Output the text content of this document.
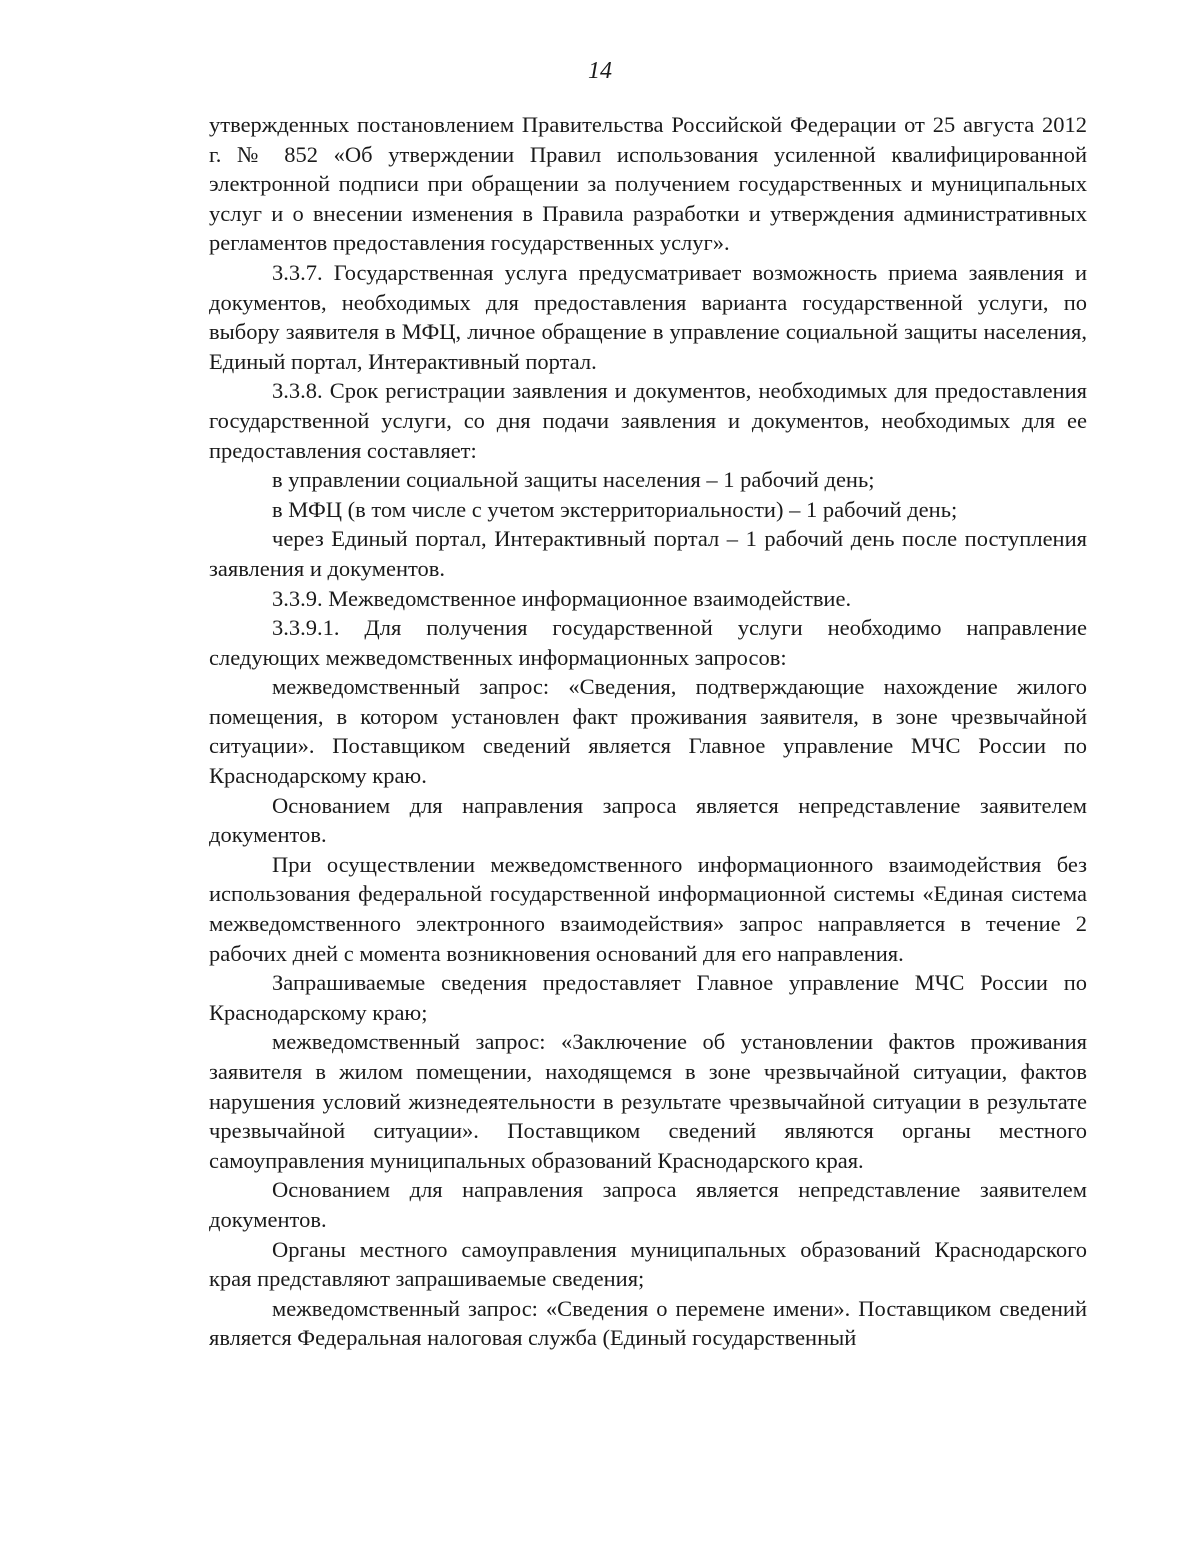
14

утвержденных постановлением Правительства Российской Федерации от 25 августа 2012 г. № 852 «Об утверждении Правил использования усиленной квалифицированной электронной подписи при обращении за получением государственных и муниципальных услуг и о внесении изменения в Правила разработки и утверждения административных регламентов предоставления государственных услуг».

3.3.7. Государственная услуга предусматривает возможность приема заявления и документов, необходимых для предоставления варианта государственной услуги, по выбору заявителя в МФЦ, личное обращение в управление социальной защиты населения, Единый портал, Интерактивный портал.

3.3.8. Срок регистрации заявления и документов, необходимых для предоставления государственной услуги, со дня подачи заявления и документов, необходимых для ее предоставления составляет:

в управлении социальной защиты населения – 1 рабочий день;

в МФЦ (в том числе с учетом экстерриториальности) – 1 рабочий день;

через Единый портал, Интерактивный портал – 1 рабочий день после поступления заявления и документов.

3.3.9. Межведомственное информационное взаимодействие.

3.3.9.1. Для получения государственной услуги необходимо направление следующих межведомственных информационных запросов:

межведомственный запрос: «Сведения, подтверждающие нахождение жилого помещения, в котором установлен факт проживания заявителя, в зоне чрезвычайной ситуации». Поставщиком сведений является Главное управление МЧС России по Краснодарскому краю.

Основанием для направления запроса является непредставление заявителем документов.

При осуществлении межведомственного информационного взаимодействия без использования федеральной государственной информационной системы «Единая система межведомственного электронного взаимодействия» запрос направляется в течение 2 рабочих дней с момента возникновения оснований для его направления.

Запрашиваемые сведения предоставляет Главное управление МЧС России по Краснодарскому краю;

межведомственный запрос: «Заключение об установлении фактов проживания заявителя в жилом помещении, находящемся в зоне чрезвычайной ситуации, фактов нарушения условий жизнедеятельности в результате чрезвычайной ситуации в результате чрезвычайной ситуации». Поставщиком сведений являются органы местного самоуправления муниципальных образований Краснодарского края.

Основанием для направления запроса является непредставление заявителем документов.

Органы местного самоуправления муниципальных образований Краснодарского края представляют запрашиваемые сведения;

межведомственный запрос: «Сведения о перемене имени». Поставщиком сведений является Федеральная налоговая служба (Единый государственный
